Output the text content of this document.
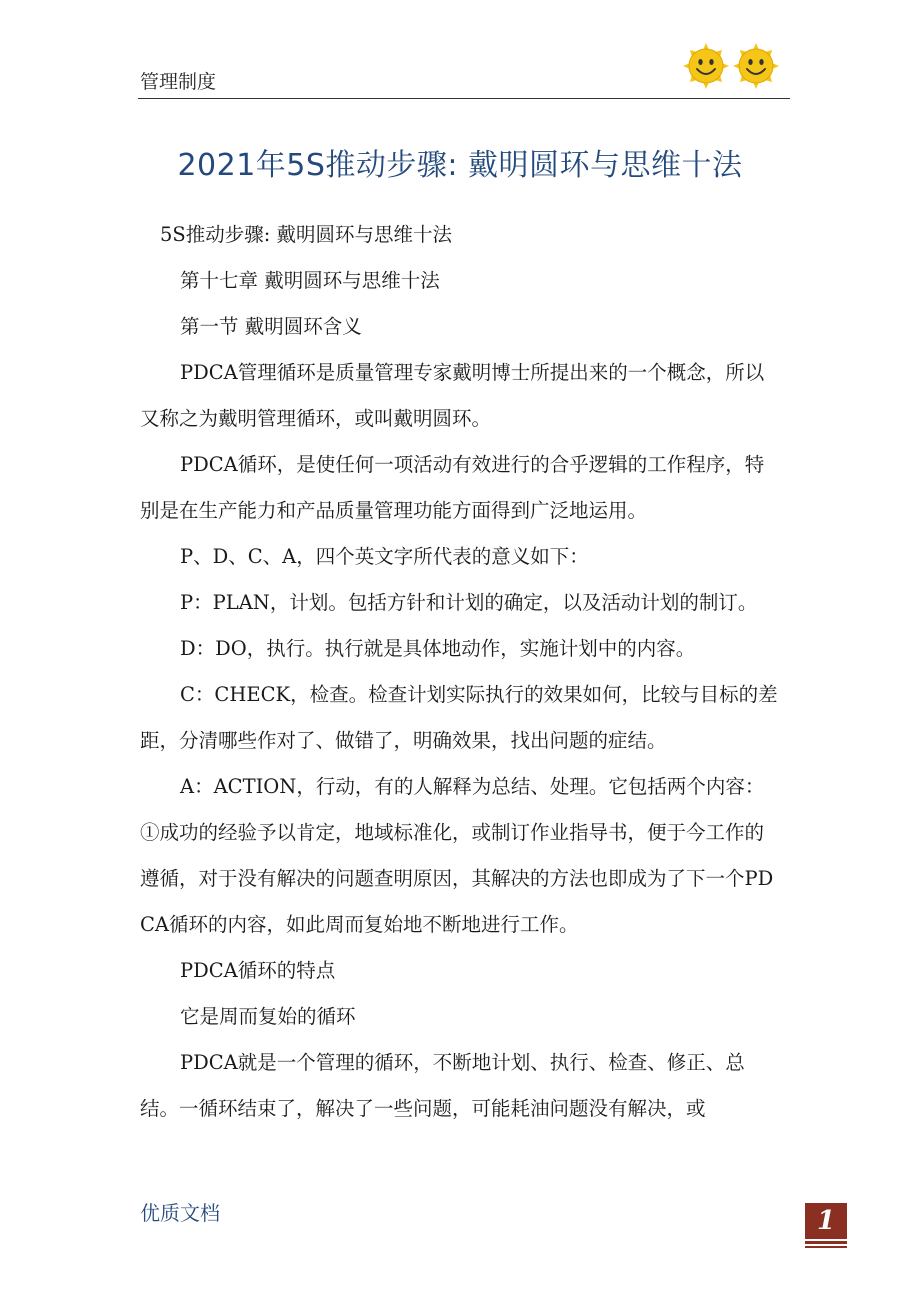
管理制度
2021年5S推动步骤: 戴明圆环与思维十法

5S推动步骤: 戴明圆环与思维十法

第十七章 戴明圆环与思维十法

第一节 戴明圆环含义

PDCA管理循环是质量管理专家戴明博士所提出来的一个概念，所以又称之为戴明管理循环，或叫戴明圆环。

PDCA循环，是使任何一项活动有效进行的合乎逻辑的工作程序，特别是在生产能力和产品质量管理功能方面得到广泛地运用。

P、D、C、A，四个英文字所代表的意义如下：

P：PLAN，计划。包括方针和计划的确定，以及活动计划的制订。

D：DO，执行。执行就是具体地动作，实施计划中的内容。

C：CHECK，检查。检查计划实际执行的效果如何，比较与目标的差距，分清哪些作对了、做错了，明确效果，找出问题的症结。

A：ACTION，行动，有的人解释为总结、处理。它包括两个内容：①成功的经验予以肯定，地域标准化，或制订作业指导书，便于今工作的遵循，对于没有解决的问题查明原因，其解决的方法也即成为了下一个PDCA循环的内容，如此周而复始地不断地进行工作。

PDCA循环的特点

它是周而复始的循环

PDCA就是一个管理的循环，不断地计划、执行、检查、修正、总结。一循环结束了，解决了一些问题，可能耗油问题没有解决，或

优质文档	1
